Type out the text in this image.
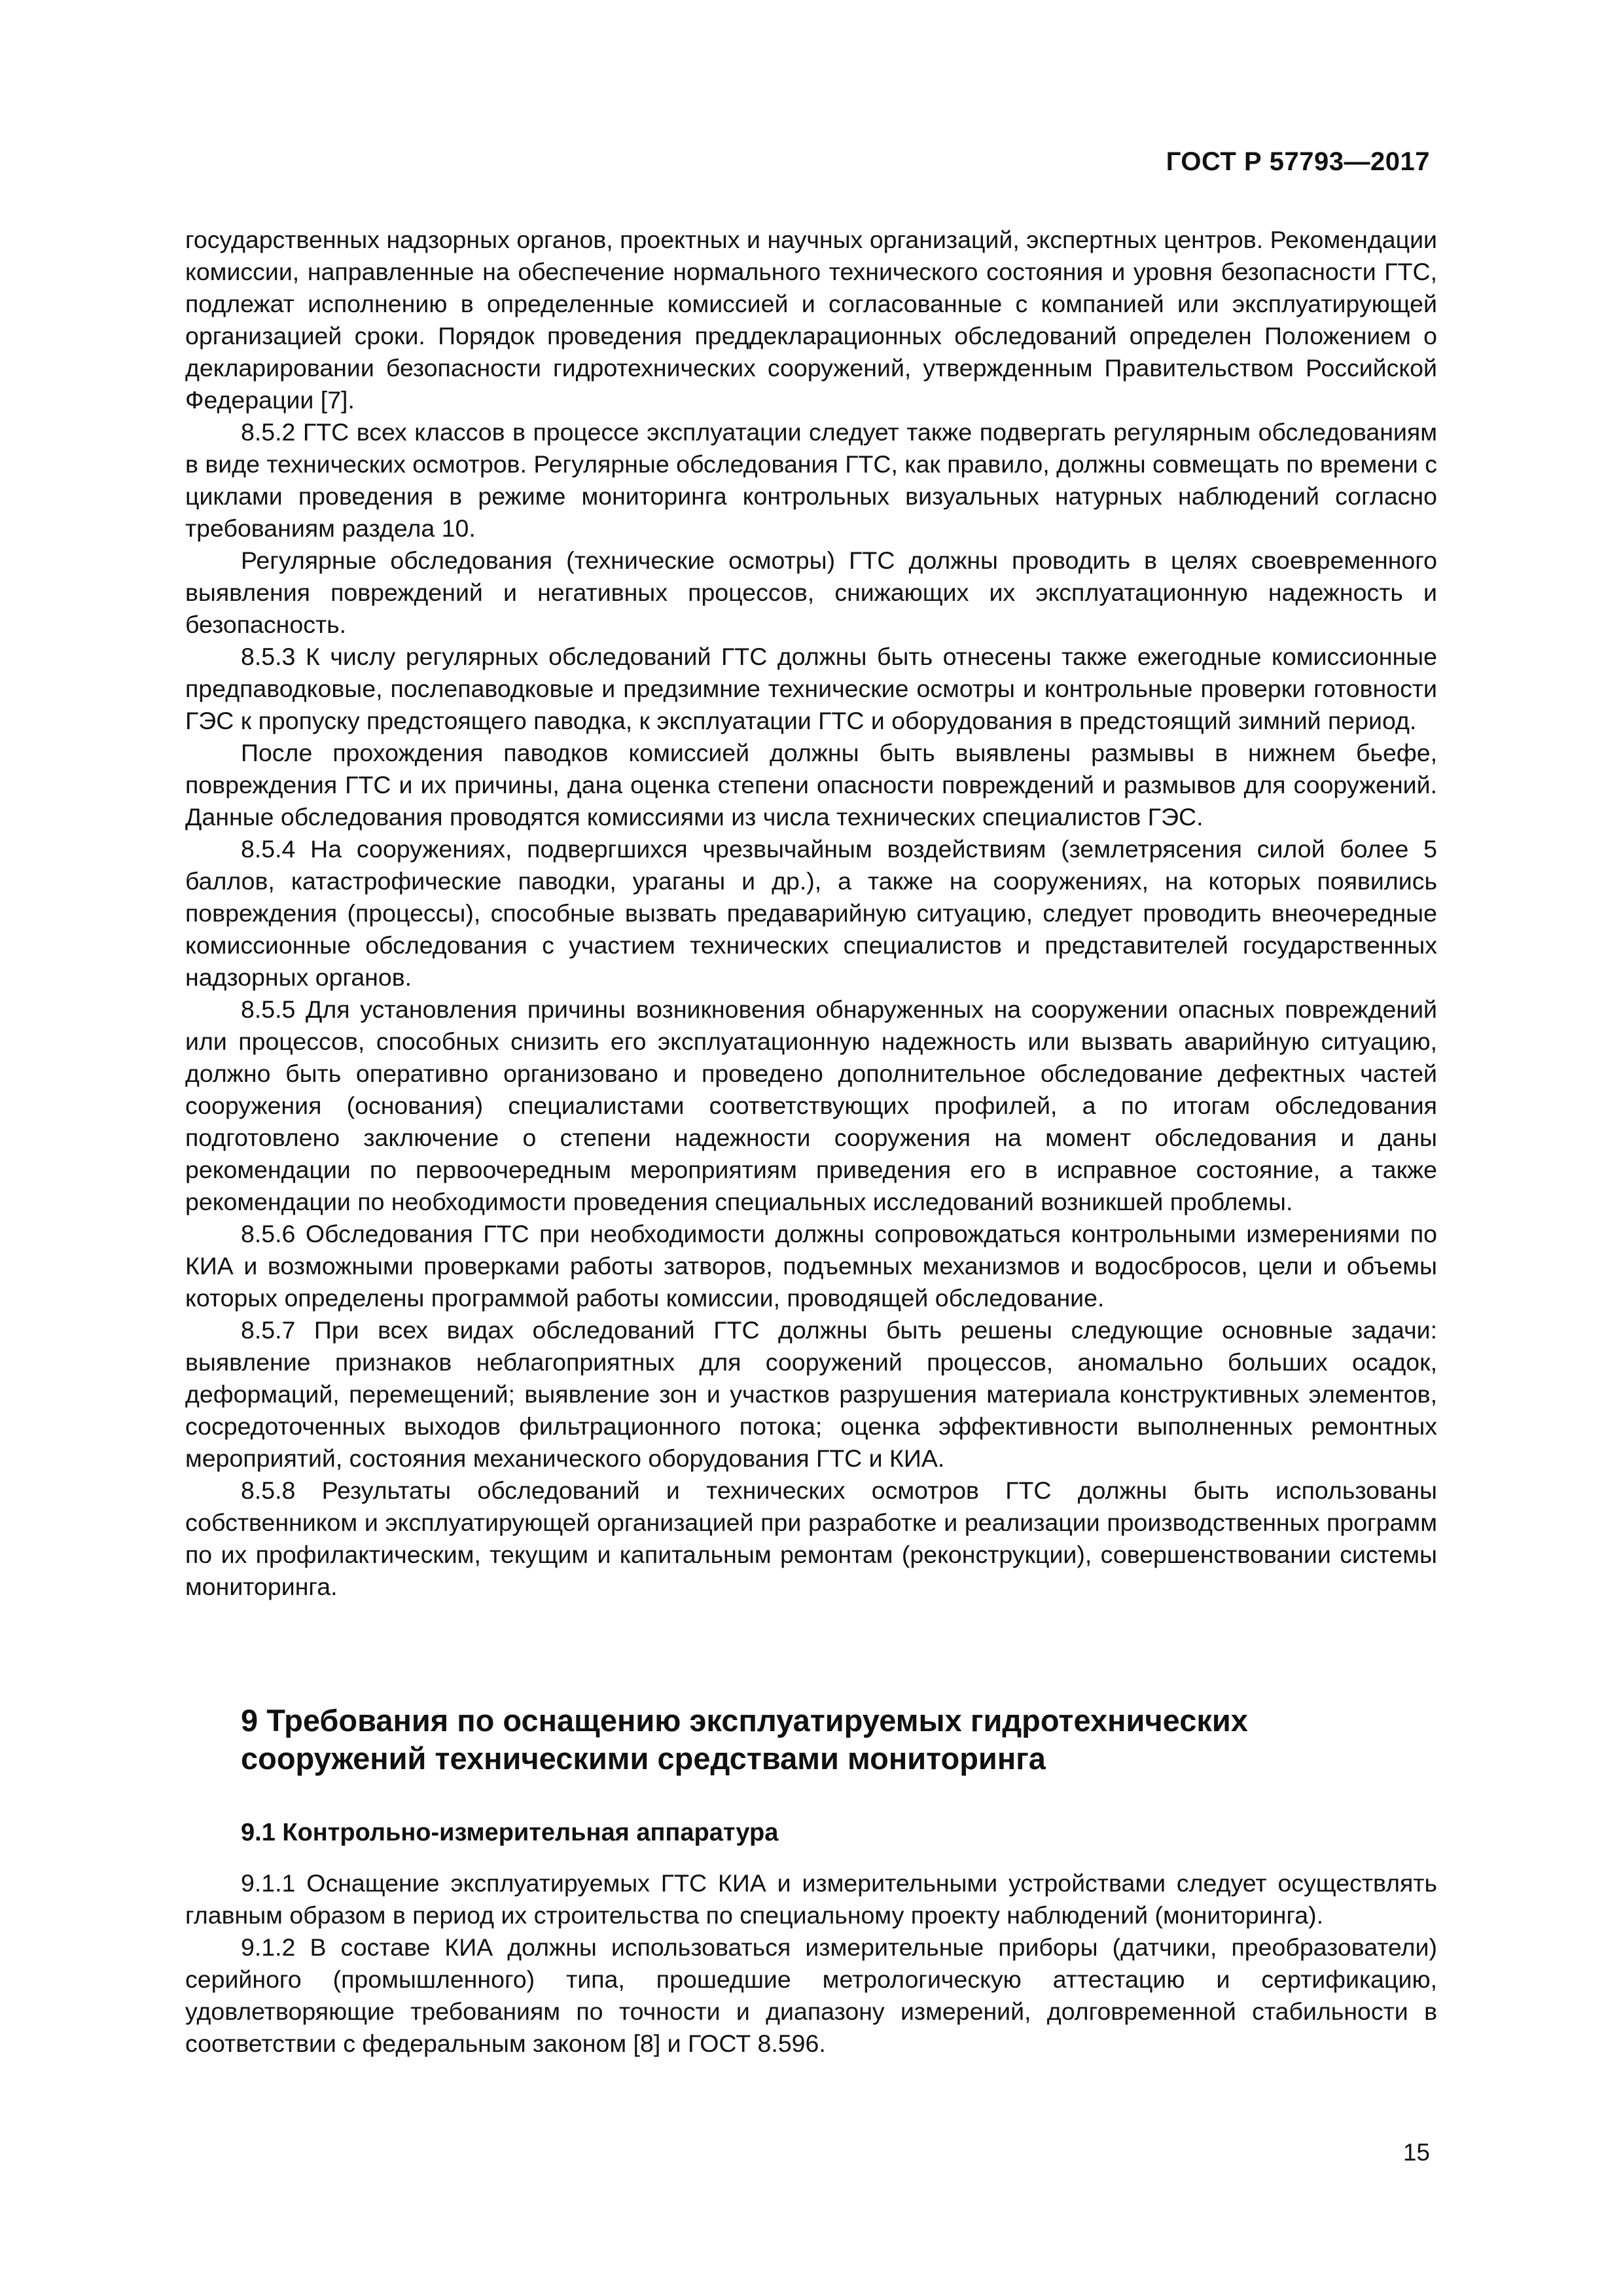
ГОСТ Р 57793—2017

государственных надзорных органов, проектных и научных организаций, экспертных центров. Рекомендации комиссии, направленные на обеспечение нормального технического состояния и уровня безопасности ГТС, подлежат исполнению в определенные комиссией и согласованные с компанией или эксплуатирующей организацией сроки. Порядок проведения преддекларационных обследований определен Положением о декларировании безопасности гидротехнических сооружений, утвержденным Правительством Российской Федерации [7].

8.5.2 ГТС всех классов в процессе эксплуатации следует также подвергать регулярным обследованиям в виде технических осмотров. Регулярные обследования ГТС, как правило, должны совмещать по времени с циклами проведения в режиме мониторинга контрольных визуальных натурных наблюдений согласно требованиям раздела 10.

Регулярные обследования (технические осмотры) ГТС должны проводить в целях своевременного выявления повреждений и негативных процессов, снижающих их эксплуатационную надежность и безопасность.

8.5.3 К числу регулярных обследований ГТС должны быть отнесены также ежегодные комиссионные предпаводковые, послепаводковые и предзимние технические осмотры и контрольные проверки готовности ГЭС к пропуску предстоящего паводка, к эксплуатации ГТС и оборудования в предстоящий зимний период.

После прохождения паводков комиссией должны быть выявлены размывы в нижнем бьефе, повреждения ГТС и их причины, дана оценка степени опасности повреждений и размывов для сооружений. Данные обследования проводятся комиссиями из числа технических специалистов ГЭС.

8.5.4 На сооружениях, подвергшихся чрезвычайным воздействиям (землетрясения силой более 5 баллов, катастрофические паводки, ураганы и др.), а также на сооружениях, на которых появились повреждения (процессы), способные вызвать предаварийную ситуацию, следует проводить внеочередные комиссионные обследования с участием технических специалистов и представителей государственных надзорных органов.

8.5.5 Для установления причины возникновения обнаруженных на сооружении опасных повреждений или процессов, способных снизить его эксплуатационную надежность или вызвать аварийную ситуацию, должно быть оперативно организовано и проведено дополнительное обследование дефектных частей сооружения (основания) специалистами соответствующих профилей, а по итогам обследования подготовлено заключение о степени надежности сооружения на момент обследования и даны рекомендации по первоочередным мероприятиям приведения его в исправное состояние, а также рекомендации по необходимости проведения специальных исследований возникшей проблемы.

8.5.6 Обследования ГТС при необходимости должны сопровождаться контрольными измерениями по КИА и возможными проверками работы затворов, подъемных механизмов и водосбросов, цели и объемы которых определены программой работы комиссии, проводящей обследование.

8.5.7 При всех видах обследований ГТС должны быть решены следующие основные задачи: выявление признаков неблагоприятных для сооружений процессов, аномально больших осадок, деформаций, перемещений; выявление зон и участков разрушения материала конструктивных элементов, сосредоточенных выходов фильтрационного потока; оценка эффективности выполненных ремонтных мероприятий, состояния механического оборудования ГТС и КИА.

8.5.8 Результаты обследований и технических осмотров ГТС должны быть использованы собственником и эксплуатирующей организацией при разработке и реализации производственных программ по их профилактическим, текущим и капитальным ремонтам (реконструкции), совершенствовании системы мониторинга.

9 Требования по оснащению эксплуатируемых гидротехнических сооружений техническими средствами мониторинга
9.1 Контрольно-измерительная аппаратура

9.1.1 Оснащение эксплуатируемых ГТС КИА и измерительными устройствами следует осуществлять главным образом в период их строительства по специальному проекту наблюдений (мониторинга).

9.1.2 В составе КИА должны использоваться измерительные приборы (датчики, преобразователи) серийного (промышленного) типа, прошедшие метрологическую аттестацию и сертификацию, удовлетворяющие требованиям по точности и диапазону измерений, долговременной стабильности в соответствии с федеральным законом [8] и ГОСТ 8.596.

15
